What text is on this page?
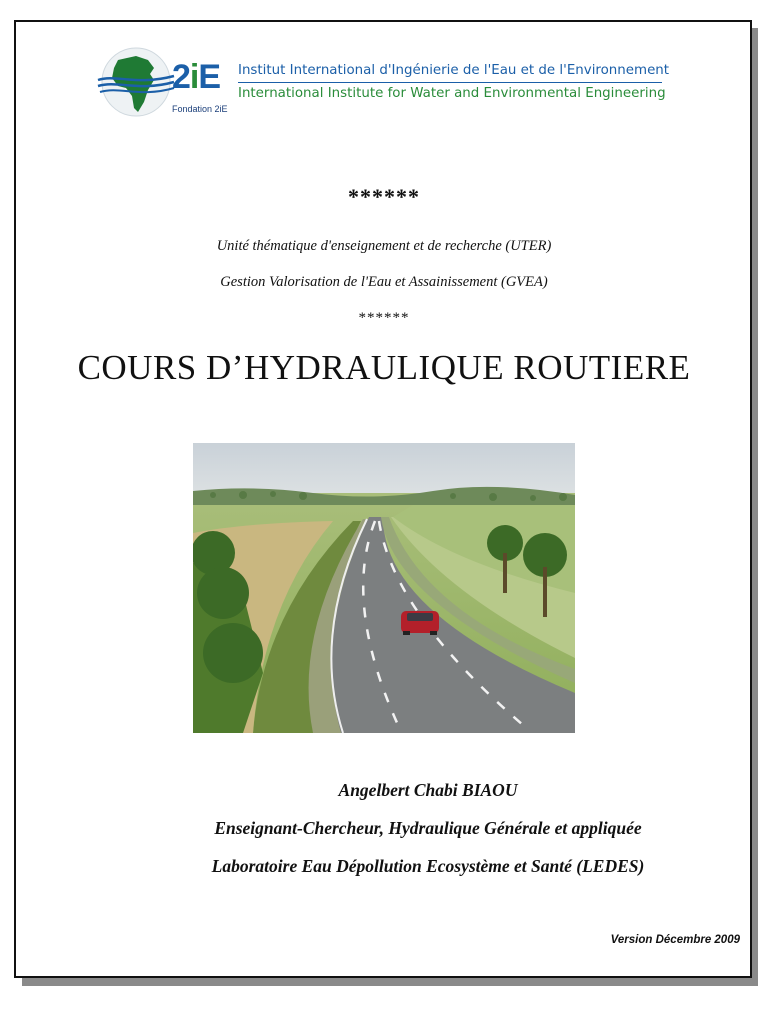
2iE
Fondation 2iE
Institut International d'Ingénierie de l'Eau et de l'Environnement
International Institute for Water and Environmental Engineering
******
Unité thématique d'enseignement et de recherche (UTER)
Gestion Valorisation de l'Eau et Assainissement (GVEA)
******
COURS D’HYDRAULIQUE ROUTIERE
Angelbert Chabi BIAOU
Enseignant-Chercheur, Hydraulique Générale et appliquée
Laboratoire Eau Dépollution Ecosystème et Santé (LEDES)
Version Décembre 2009
